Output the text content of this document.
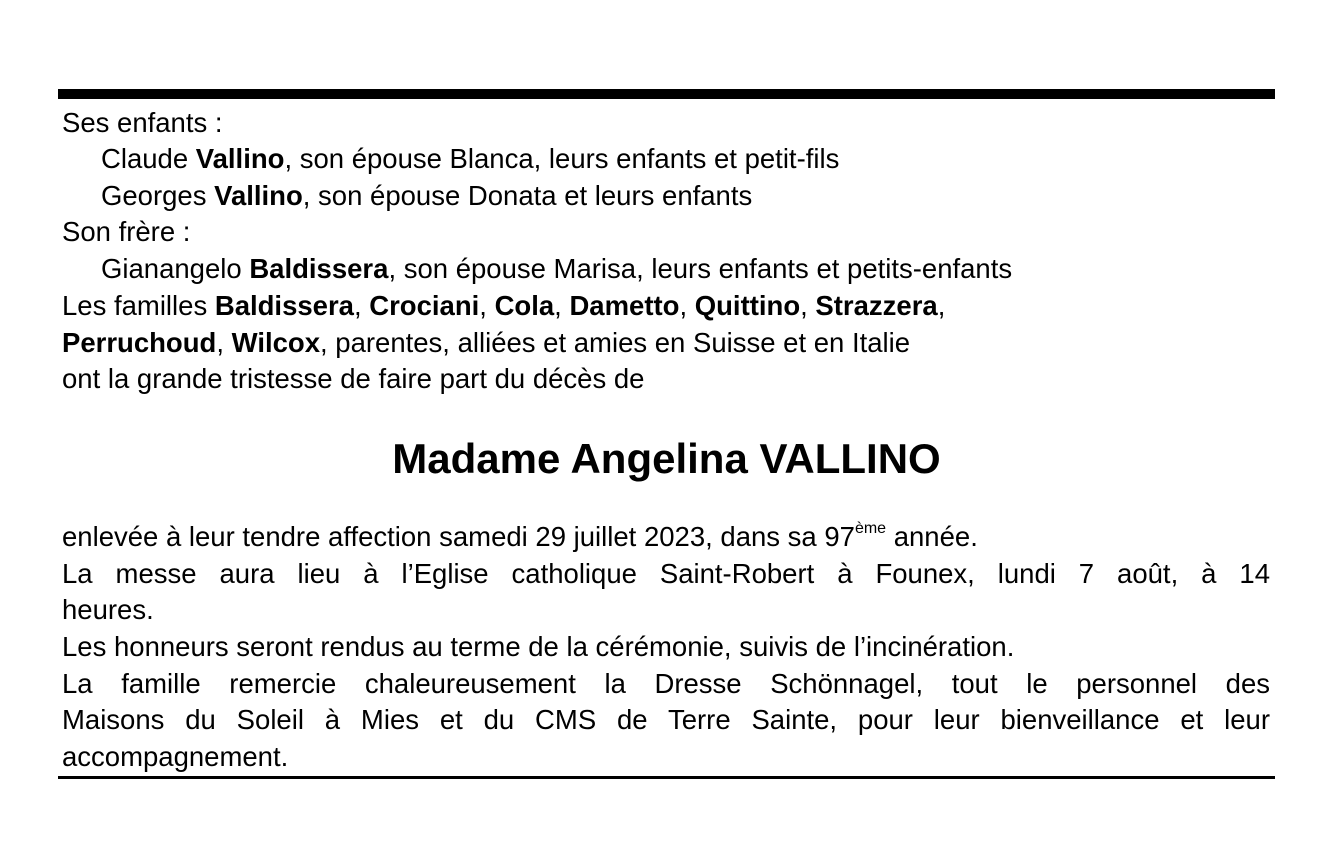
Ses enfants :
Claude Vallino, son épouse Blanca, leurs enfants et petit-fils
Georges Vallino, son épouse Donata et leurs enfants
Son frère :
Gianangelo Baldissera, son épouse Marisa, leurs enfants et petits-enfants
Les familles Baldissera, Crociani, Cola, Dametto, Quittino, Strazzera,
Perruchoud, Wilcox, parentes, alliées et amies en Suisse et en Italie
ont la grande tristesse de faire part du décès de
Madame Angelina VALLINO
enlevée à leur tendre affection samedi 29 juillet 2023, dans sa 97ème année.
La messe aura lieu à l’Eglise catholique Saint-Robert à Founex, lundi 7 août, à 14
heures.
Les honneurs seront rendus au terme de la cérémonie, suivis de l’incinération.
La famille remercie chaleureusement la Dresse Schönnagel, tout le personnel des
Maisons du Soleil à Mies et du CMS de Terre Sainte, pour leur bienveillance et leur
accompagnement.
